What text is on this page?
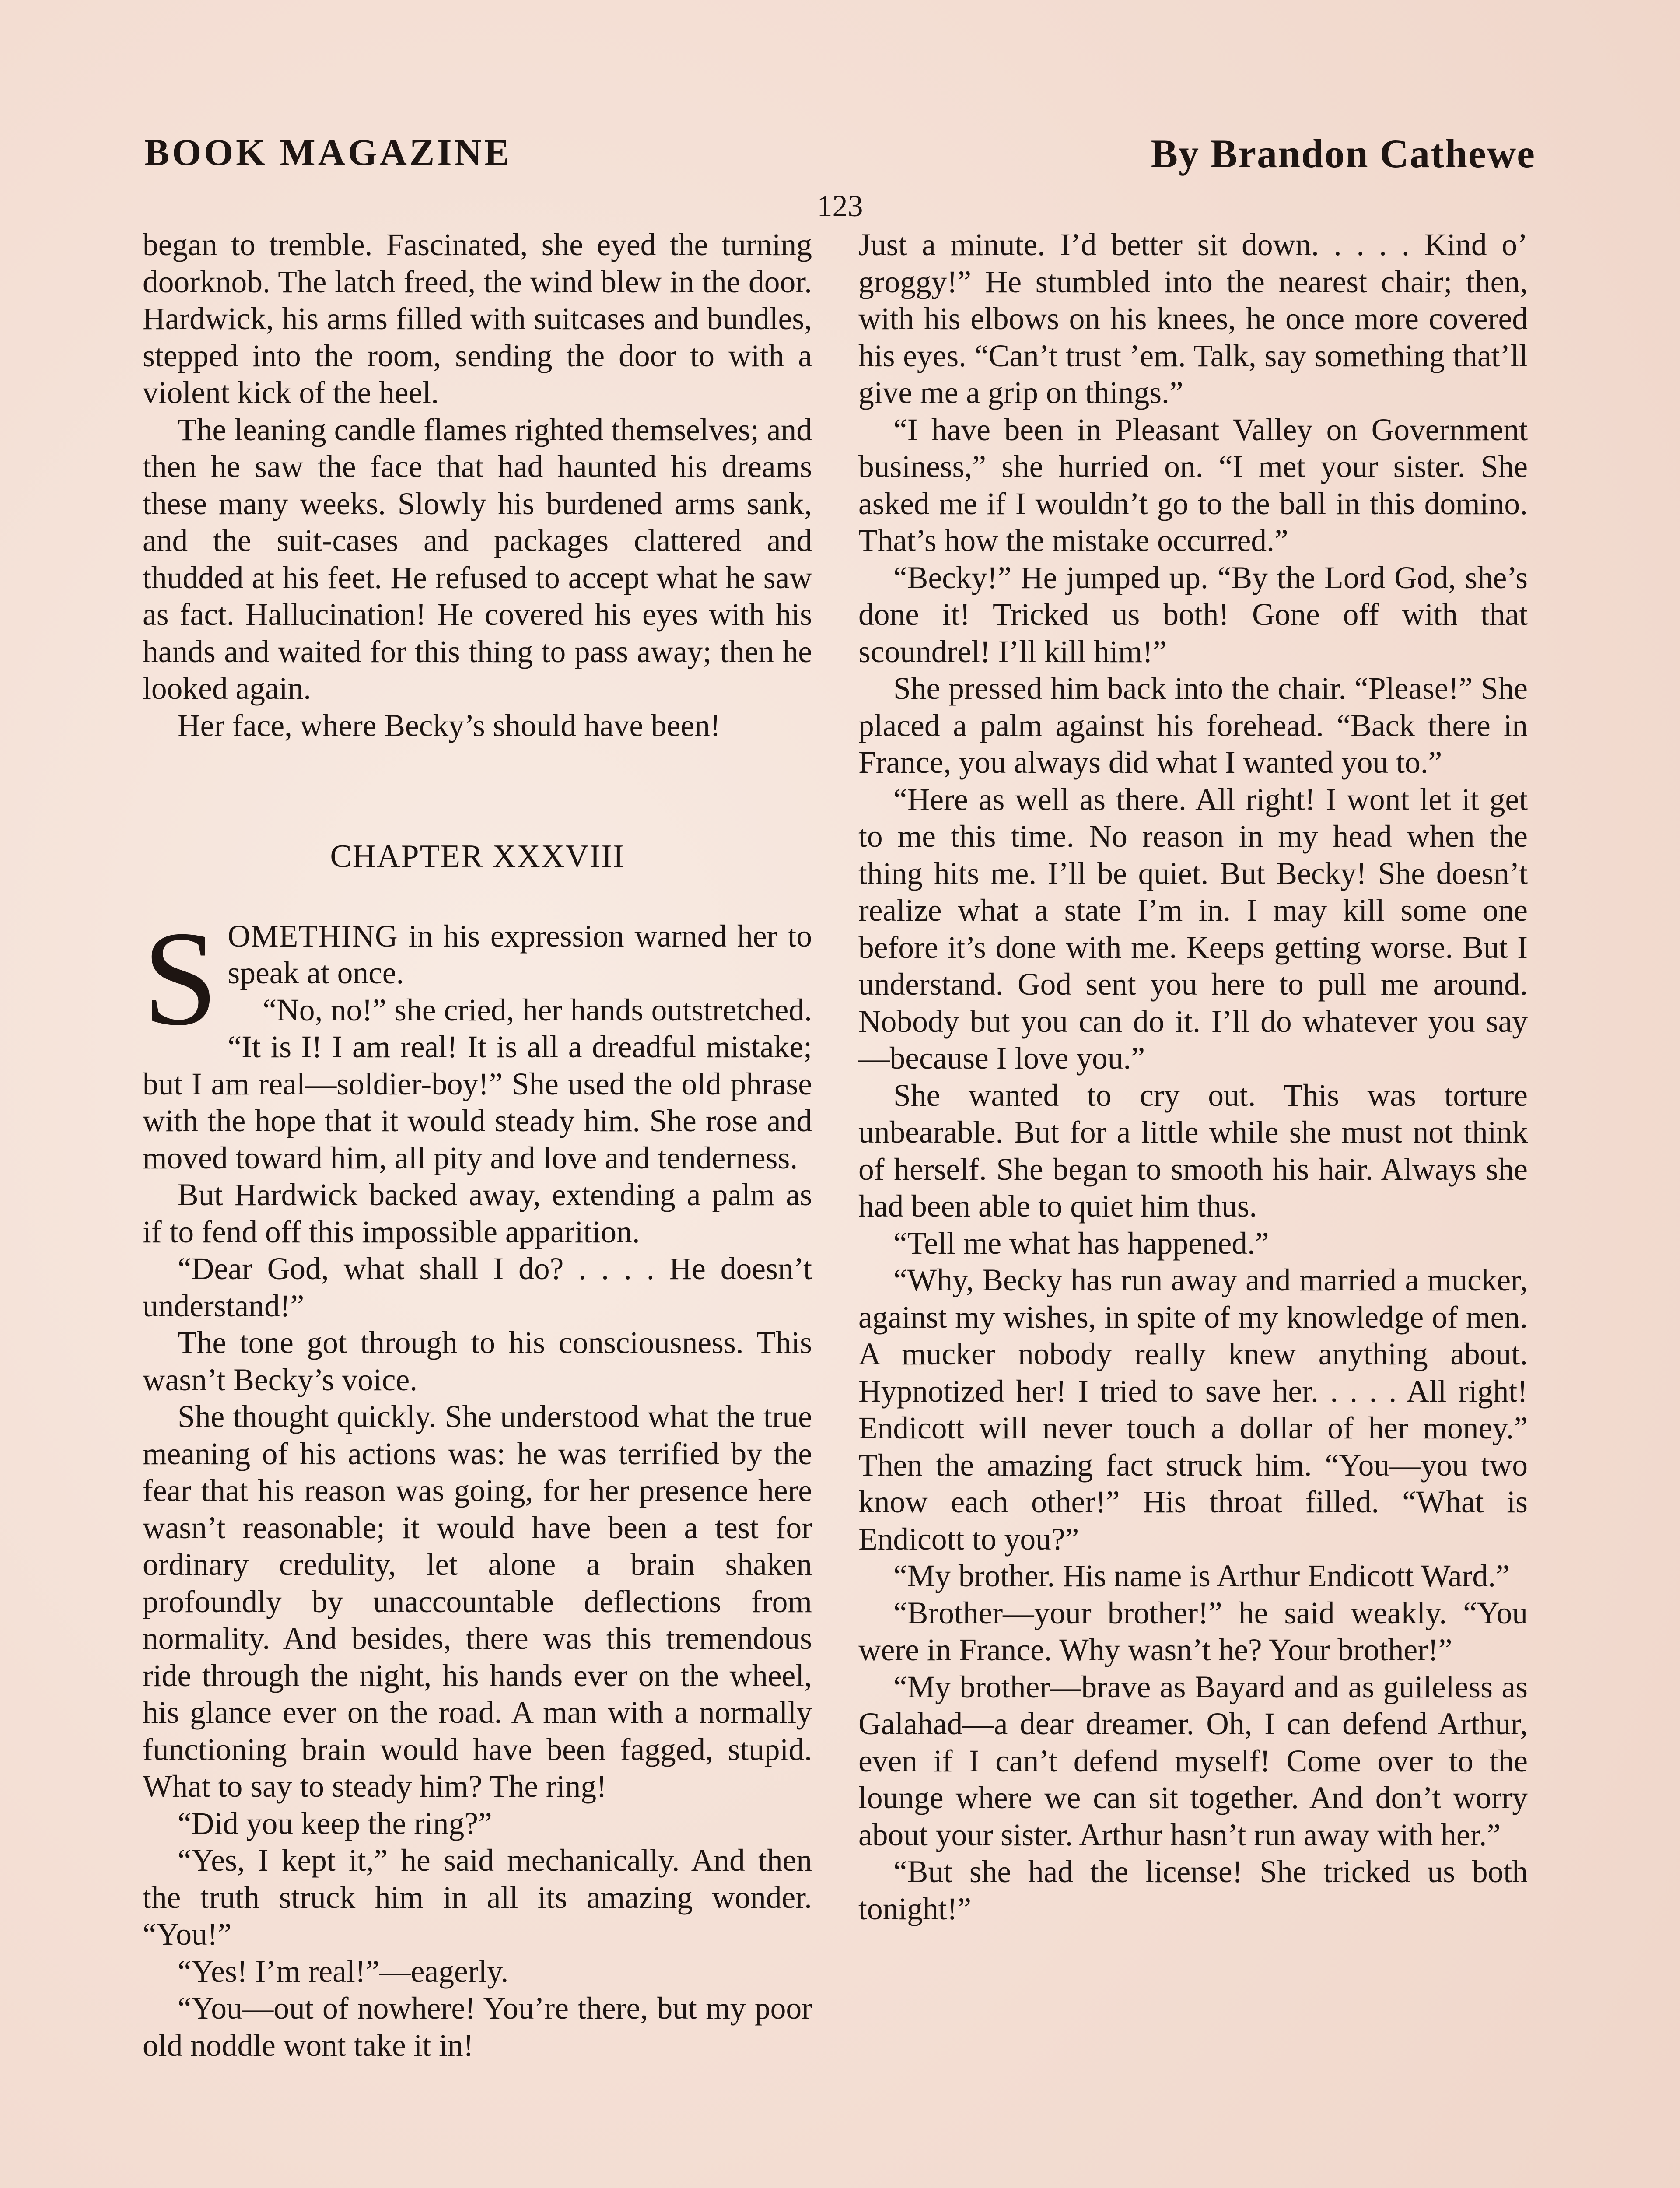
BOOK MAGAZINE	By Brandon Cathewe
123

began to tremble. Fascinated, she eyed the turning doorknob. The latch freed, the wind blew in the door. Hardwick, his arms filled with suitcases and bundles, stepped into the room, sending the door to with a violent kick of the heel.

The leaning candle flames righted themselves; and then he saw the face that had haunted his dreams these many weeks. Slowly his burdened arms sank, and the suit-cases and packages clattered and thudded at his feet. He refused to accept what he saw as fact. Hallucination! He covered his eyes with his hands and waited for this thing to pass away; then he looked again.

Her face, where Becky’s should have been!

CHAPTER XXXVIII

SOMETHING in his expression warned her to speak at once.

“No, no!” she cried, her hands outstretched. “It is I! I am real! It is all a dreadful mistake; but I am real—soldier-boy!” She used the old phrase with the hope that it would steady him. She rose and moved toward him, all pity and love and tenderness.

But Hardwick backed away, extending a palm as if to fend off this impossible apparition.

“Dear God, what shall I do? . . . . He doesn’t understand!”

The tone got through to his consciousness. This wasn’t Becky’s voice.

She thought quickly. She understood what the true meaning of his actions was: he was terrified by the fear that his reason was going, for her presence here wasn’t reasonable; it would have been a test for ordinary credulity, let alone a brain shaken profoundly by unaccountable deflections from normality. And besides, there was this tremendous ride through the night, his hands ever on the wheel, his glance ever on the road. A man with a normally functioning brain would have been fagged, stupid. What to say to steady him? The ring!

“Did you keep the ring?”

“Yes, I kept it,” he said mechanically. And then the truth struck him in all its amazing wonder. “You!”

“Yes! I’m real!”—eagerly.

“You—out of nowhere! You’re there, but my poor old noddle wont take it in!

Just a minute. I’d better sit down. . . . . Kind o’ groggy!” He stumbled into the nearest chair; then, with his elbows on his knees, he once more covered his eyes. “Can’t trust ’em. Talk, say something that’ll give me a grip on things.”

“I have been in Pleasant Valley on Government business,” she hurried on. “I met your sister. She asked me if I wouldn’t go to the ball in this domino. That’s how the mistake occurred.”

“Becky!” He jumped up. “By the Lord God, she’s done it! Tricked us both! Gone off with that scoundrel! I’ll kill him!”

She pressed him back into the chair. “Please!” She placed a palm against his forehead. “Back there in France, you always did what I wanted you to.”

“Here as well as there. All right! I wont let it get to me this time. No reason in my head when the thing hits me. I’ll be quiet. But Becky! She doesn’t realize what a state I’m in. I may kill some one before it’s done with me. Keeps getting worse. But I understand. God sent you here to pull me around. Nobody but you can do it. I’ll do whatever you say—because I love you.”

She wanted to cry out. This was torture unbearable. But for a little while she must not think of herself. She began to smooth his hair. Always she had been able to quiet him thus.

“Tell me what has happened.”

“Why, Becky has run away and married a mucker, against my wishes, in spite of my knowledge of men. A mucker nobody really knew anything about. Hypnotized her! I tried to save her. . . . . All right! Endicott will never touch a dollar of her money.” Then the amazing fact struck him. “You—you two know each other!” His throat filled. “What is Endicott to you?”

“My brother. His name is Arthur Endicott Ward.”

“Brother—your brother!” he said weakly. “You were in France. Why wasn’t he? Your brother!”

“My brother—brave as Bayard and as guileless as Galahad—a dear dreamer. Oh, I can defend Arthur, even if I can’t defend myself! Come over to the lounge where we can sit together. And don’t worry about your sister. Arthur hasn’t run away with her.”

“But she had the license! She tricked us both tonight!”
